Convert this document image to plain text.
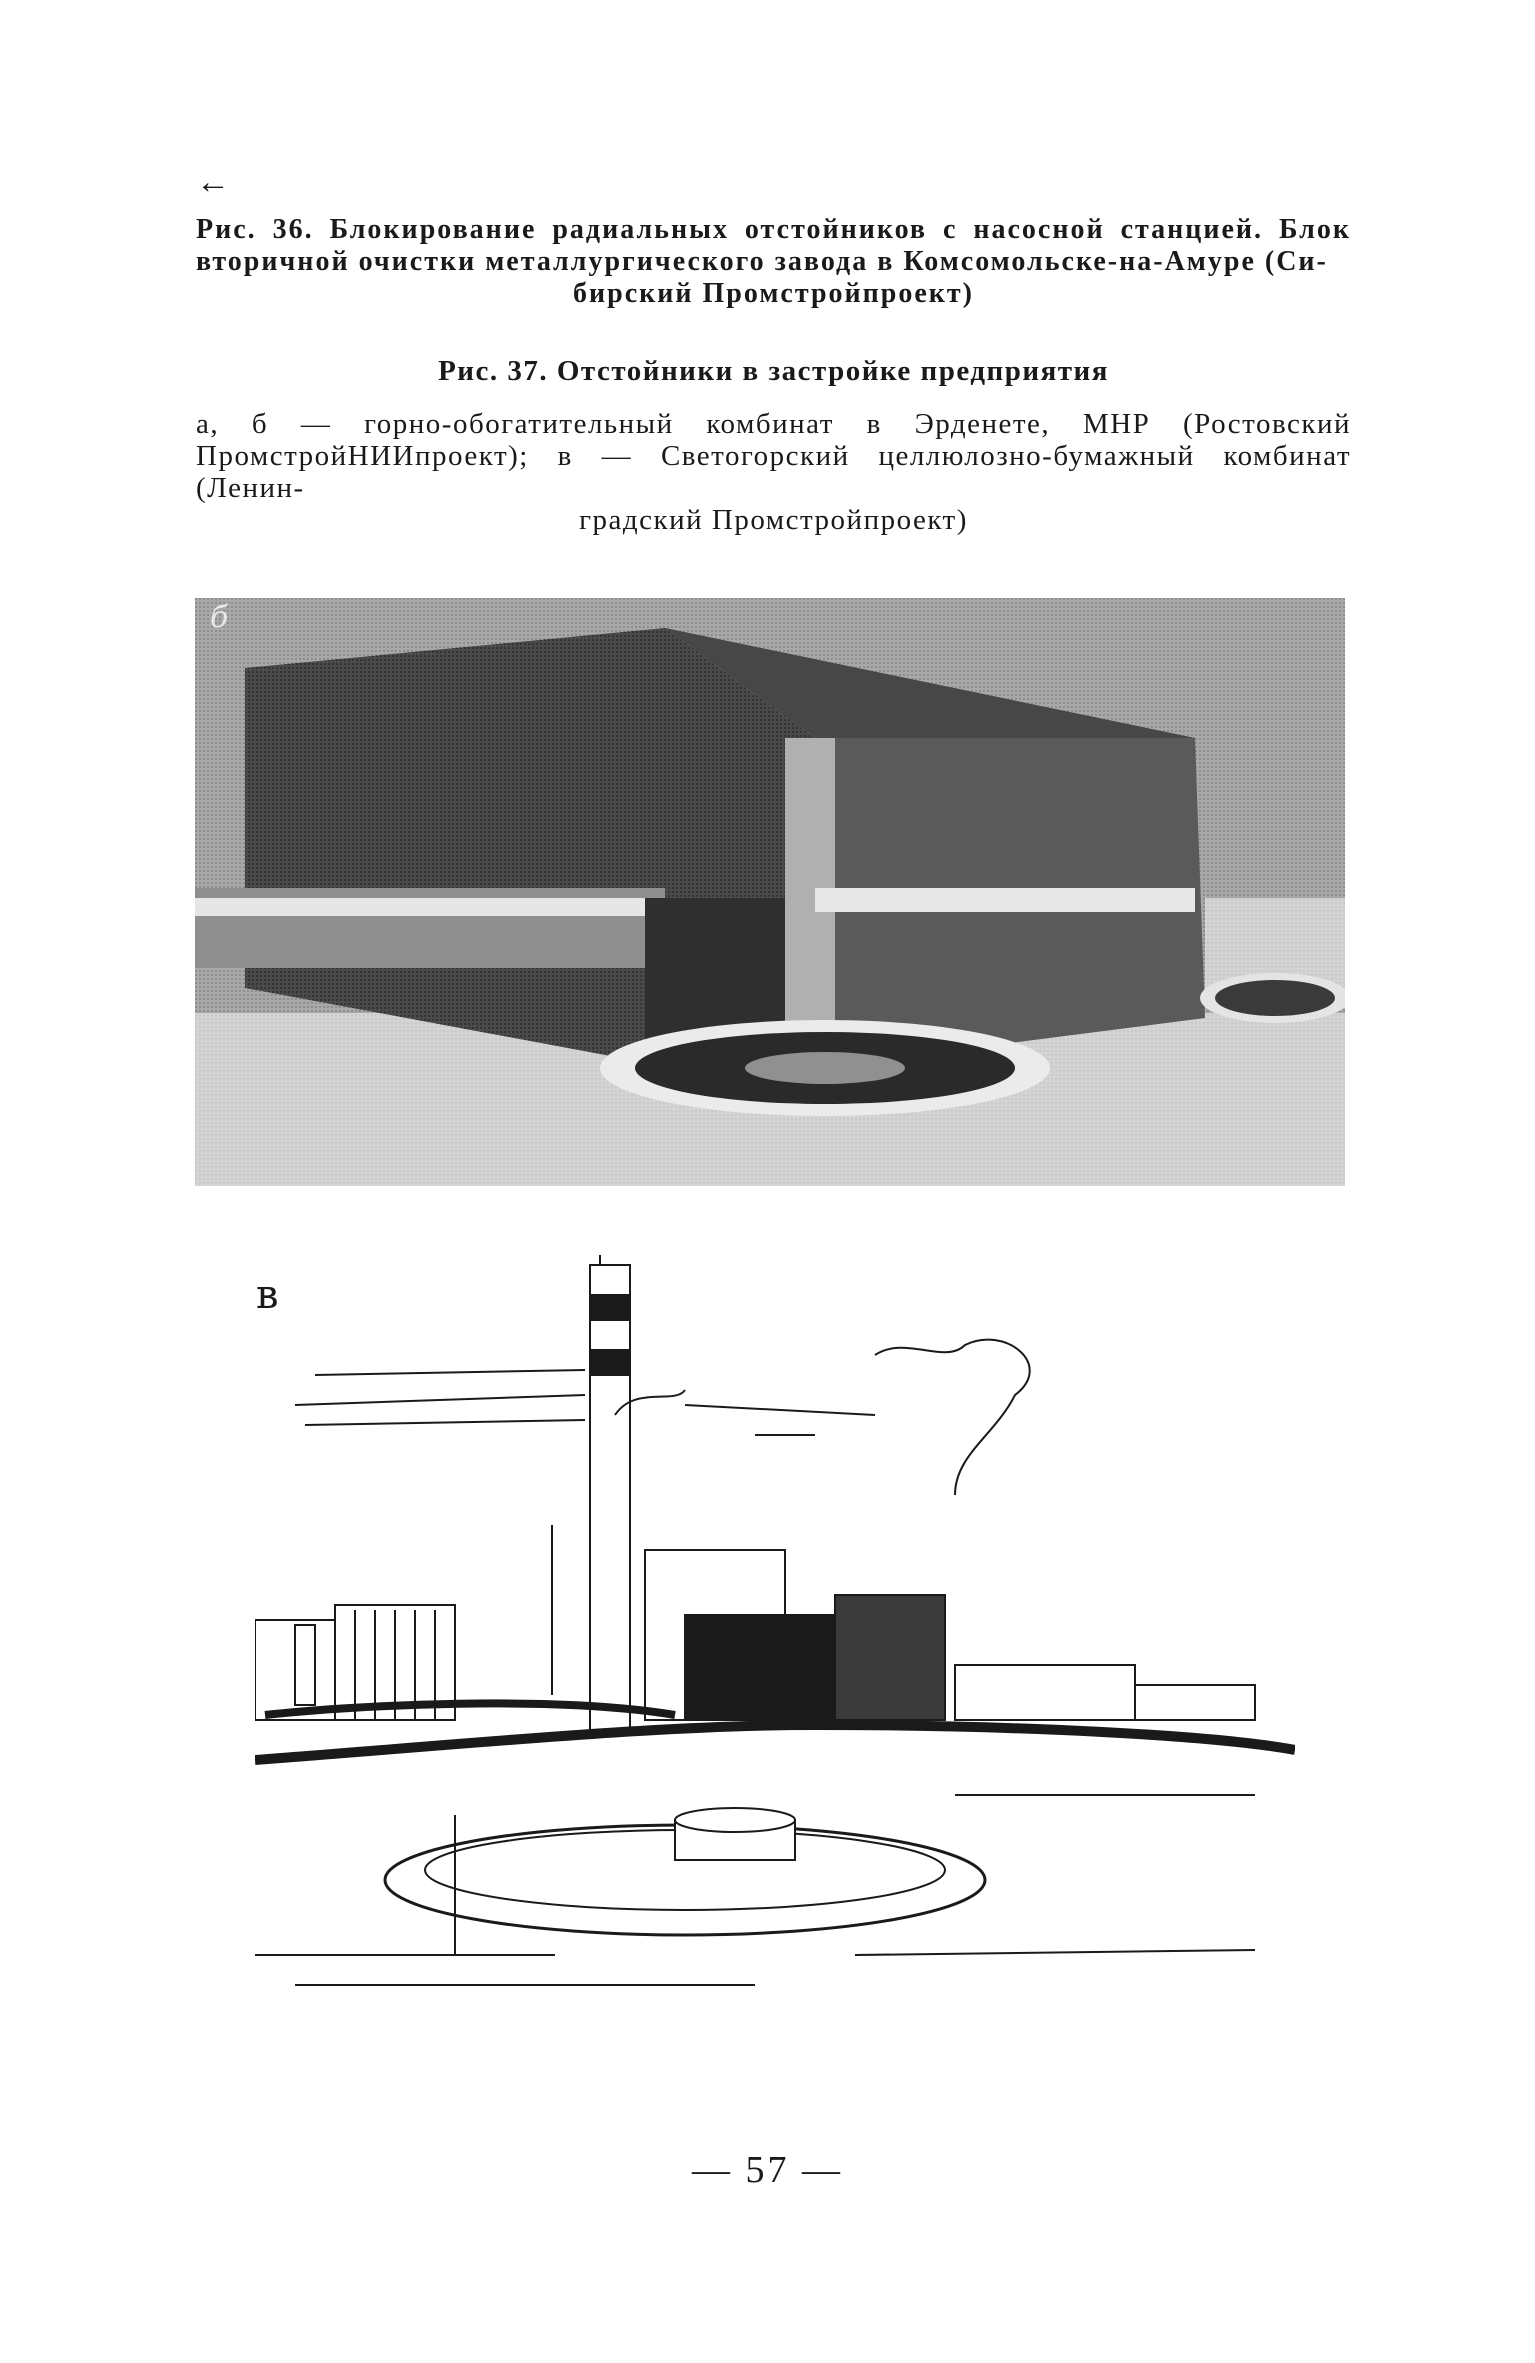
←
Рис. 36. Блокирование радиальных отстойников с насосной станцией. Блок вторичной очистки металлургического завода в Комсомольске-на-Амуре (Си-
бирский Промстройпроект)
Рис. 37. Отстойники в застройке предприятия
а, б — горно-обогатительный комбинат в Эрденете, МНР (Ростовский ПромстройНИИпроект); в — Светогорский целлюлозно-бумажный комбинат (Ленин-
градский Промстройпроект)
б
в
— 57 —
